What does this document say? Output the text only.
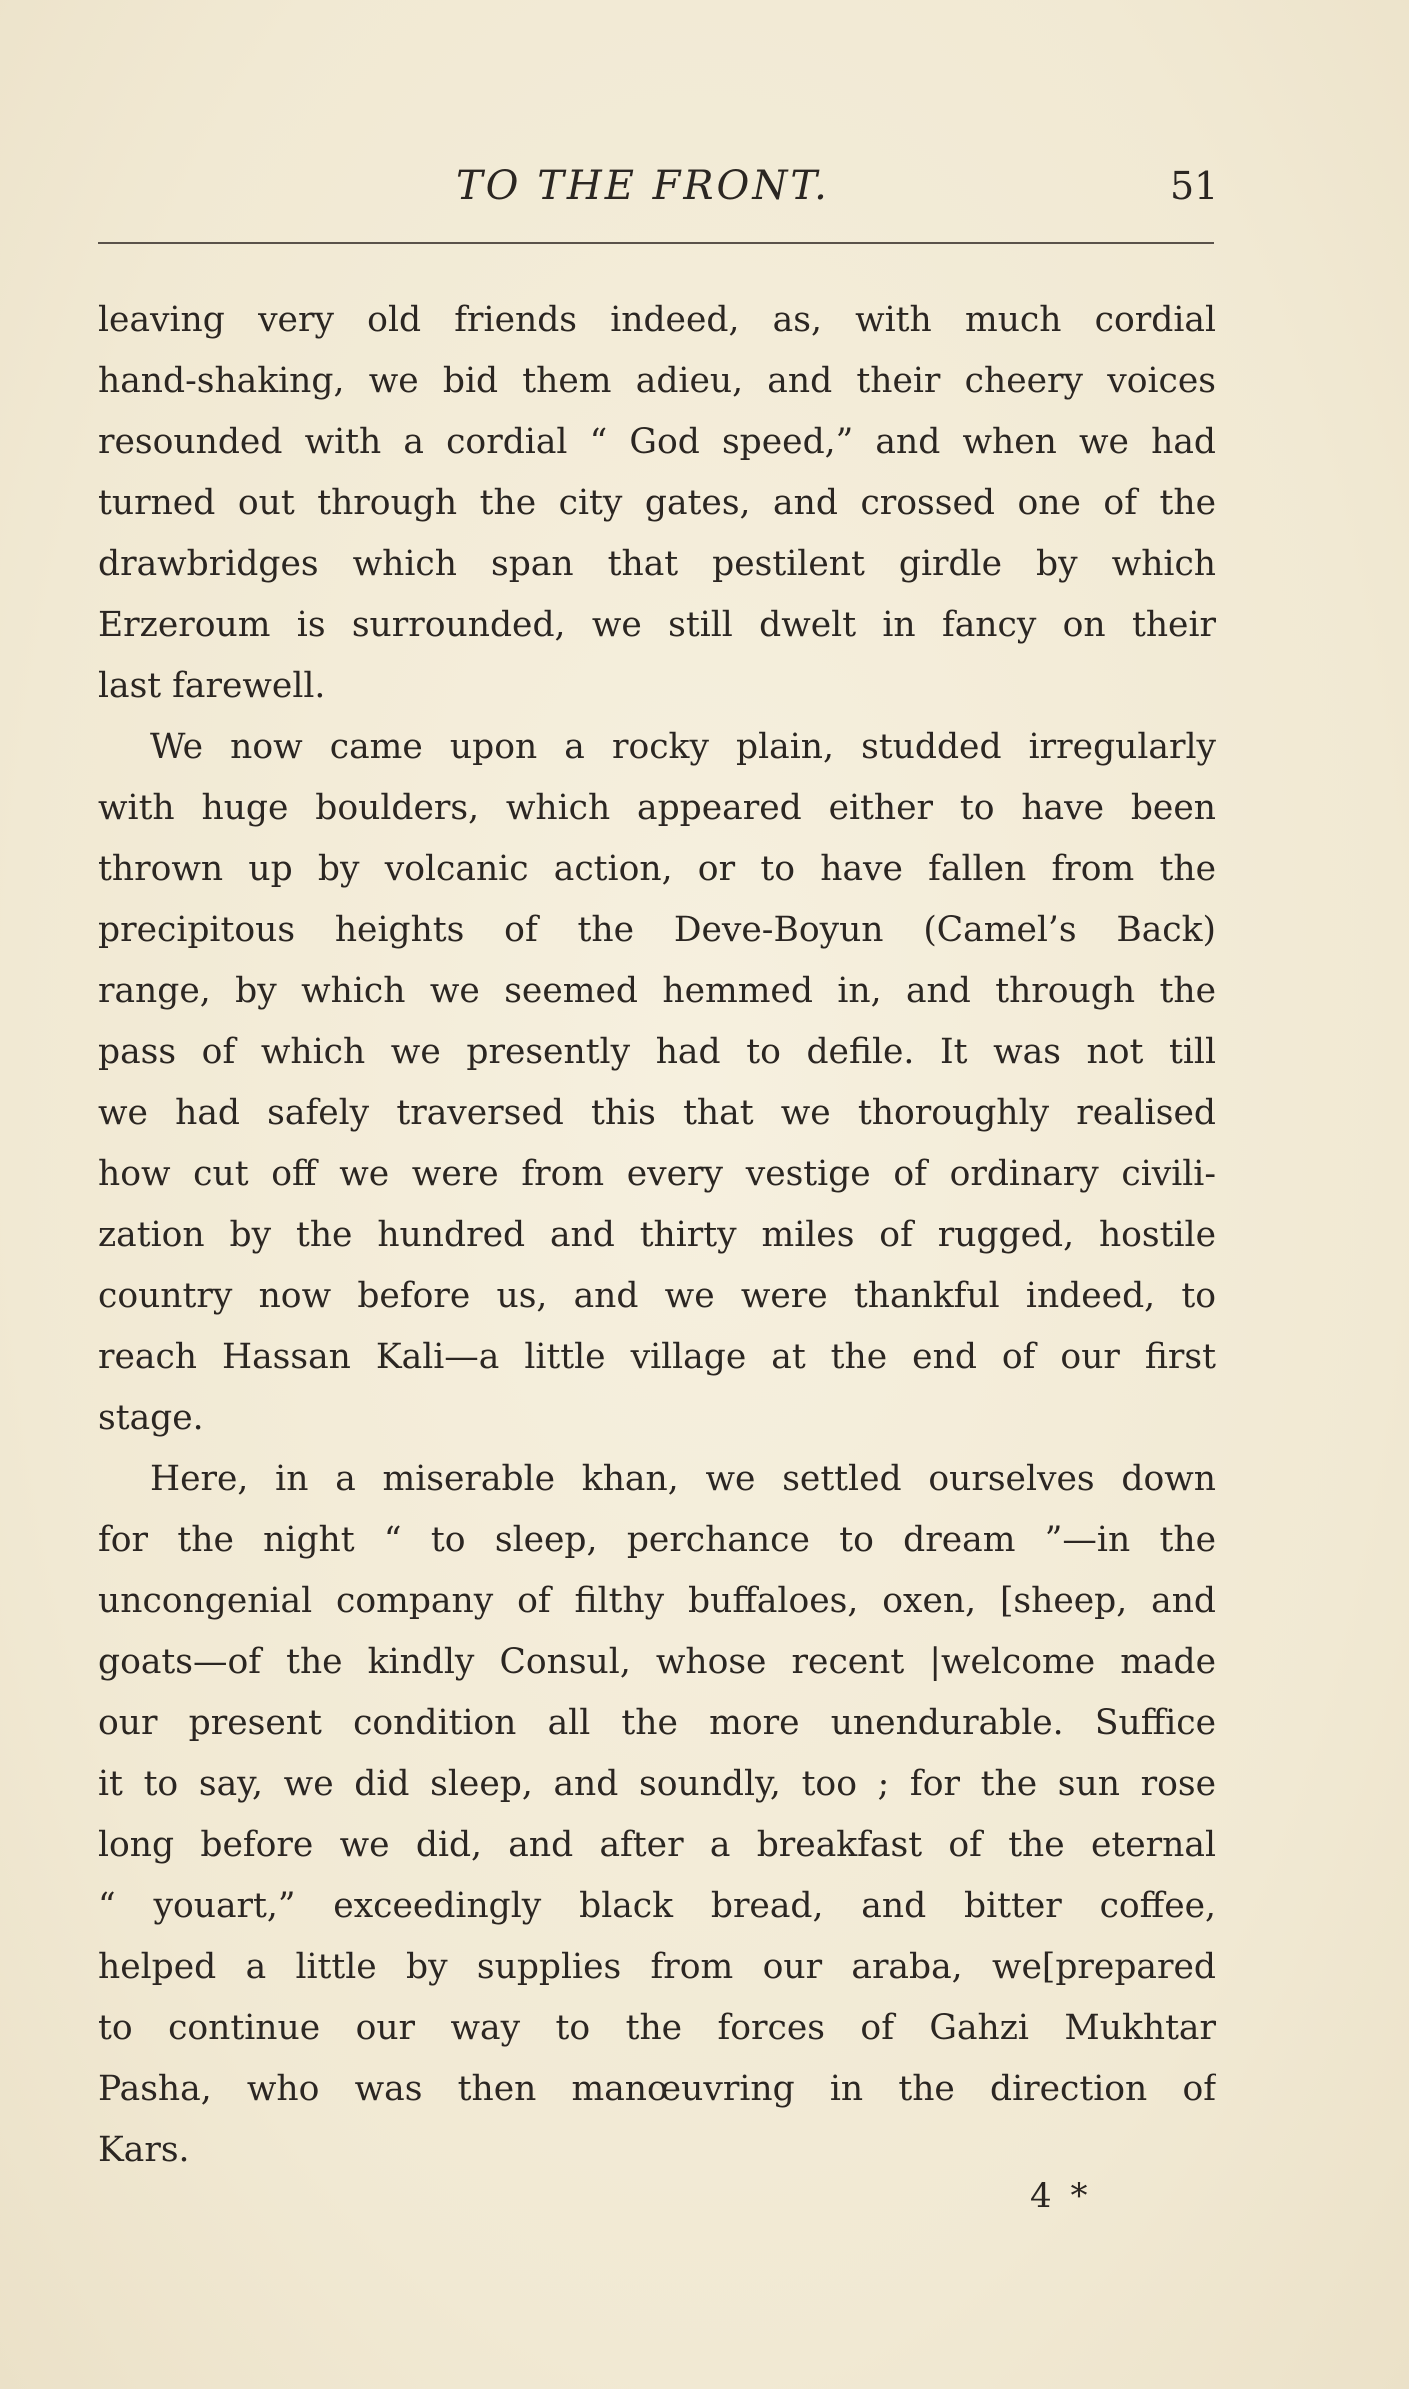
TO THE FRONT.	51
leaving very old friends indeed, as, with much cordial
hand-shaking, we bid them adieu, and their cheery voices
resounded with a cordial “ God speed,” and when we had
turned out through the city gates, and crossed one of the
drawbridges which span that pestilent girdle by which
Erzeroum is surrounded, we still dwelt in fancy on their
last farewell.
We now came upon a rocky plain, studded irregularly
with huge boulders, which appeared either to have been
thrown up by volcanic action, or to have fallen from the
precipitous heights of the Deve-Boyun (Camel’s Back)
range, by which we seemed hemmed in, and through the
pass of which we presently had to defile. It was not till
we had safely traversed this that we thoroughly realised
how cut off we were from every vestige of ordinary civili-
zation by the hundred and thirty miles of rugged, hostile
country now before us, and we were thankful indeed, to
reach Hassan Kali—a little village at the end of our first
stage.
Here, in a miserable khan, we settled ourselves down
for the night “ to sleep, perchance to dream ”—in the
uncongenial company of filthy buffaloes, oxen, [sheep, and
goats—of the kindly Consul, whose recent |welcome made
our present condition all the more unendurable. Suffice
it to say, we did sleep, and soundly, too ; for the sun rose
long before we did, and after a breakfast of the eternal
“ youart,” exceedingly black bread, and bitter coffee,
helped a little by supplies from our araba, we[prepared
to continue our way to the forces of Gahzi Mukhtar
Pasha, who was then manœuvring in the direction of
Kars.
4 *
